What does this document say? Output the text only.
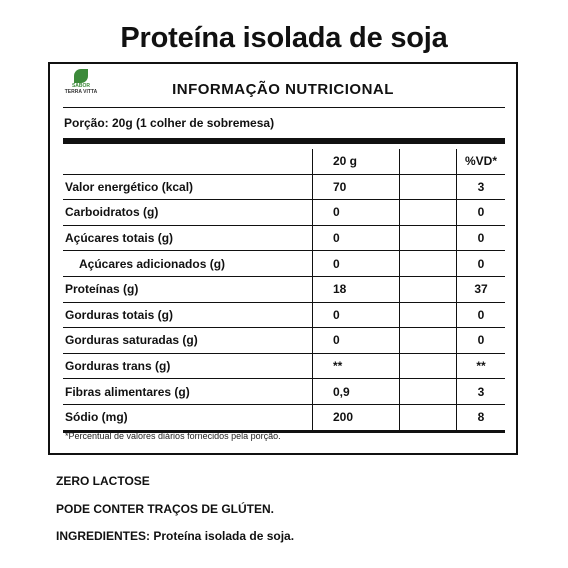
Proteína isolada de soja
SABOR
TERRA VITTA	INFORMAÇÃO NUTRICIONAL
Porção: 20g (1 colher de sobremesa)
	20 g		%VD*
Valor energético (kcal)	70		3
Carboidratos (g)	0		0
Açúcares totais (g)	0		0
Açúcares adicionados (g)	0		0
Proteínas (g)	18		37
Gorduras totais (g)	0		0
Gorduras saturadas (g)	0		0
Gorduras trans (g)	**		**
Fibras alimentares (g)	0,9		3
Sódio (mg)	200		8
*Percentual de valores diários fornecidos pela porção.
ZERO LACTOSE
PODE CONTER TRAÇOS DE GLÚTEN.
INGREDIENTES: Proteína isolada de soja.
